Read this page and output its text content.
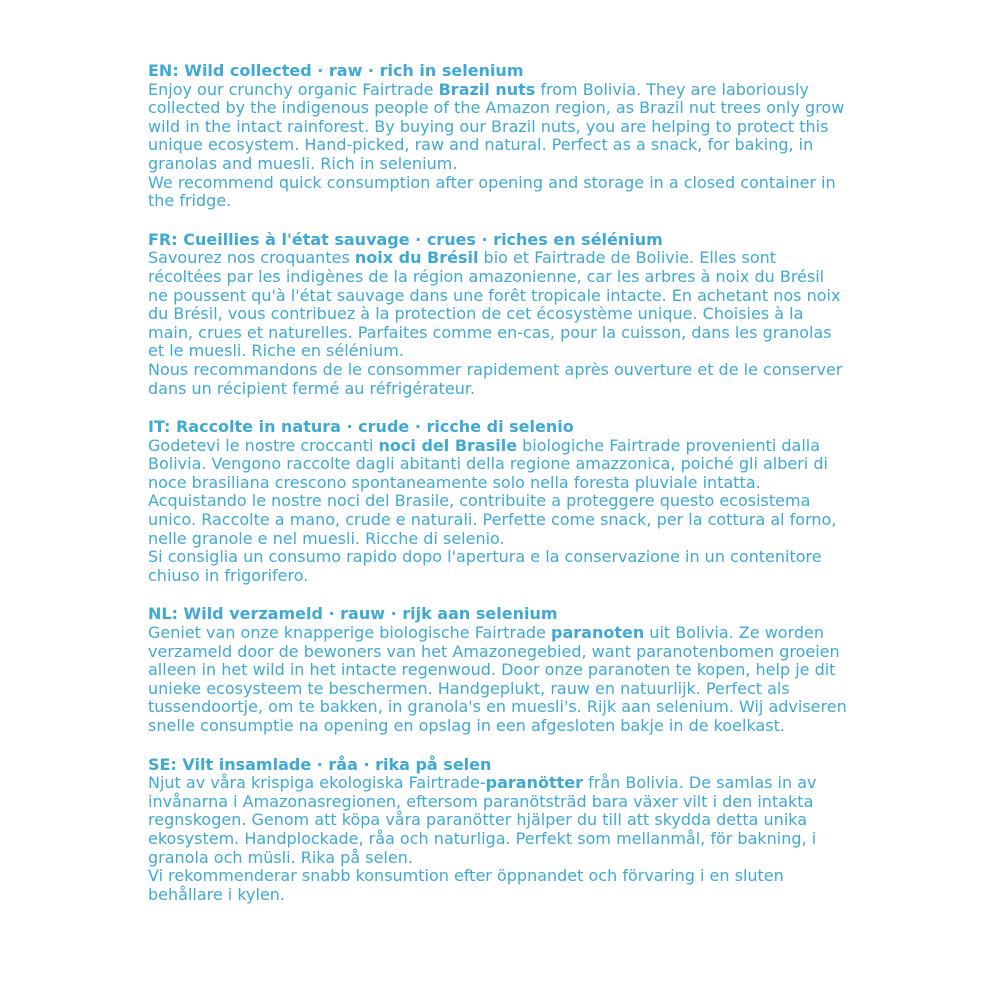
EN: Wild collected · raw · rich in selenium
Enjoy our crunchy organic Fairtrade Brazil nuts from Bolivia. They are laboriously collected by the indigenous people of the Amazon region, as Brazil nut trees only grow wild in the intact rainforest. By buying our Brazil nuts, you are helping to protect this unique ecosystem. Hand-picked, raw and natural. Perfect as a snack, for baking, in granolas and muesli. Rich in selenium.
We recommend quick consumption after opening and storage in a closed container in the fridge.
FR: Cueillies à l'état sauvage · crues · riches en sélénium
Savourez nos croquantes noix du Brésil bio et Fairtrade de Bolivie. Elles sont récoltées par les indigènes de la région amazonienne, car les arbres à noix du Brésil ne poussent qu'à l'état sauvage dans une forêt tropicale intacte. En achetant nos noix du Brésil, vous contribuez à la protection de cet écosystème unique. Choisies à la main, crues et naturelles. Parfaites comme en-cas, pour la cuisson, dans les granolas et le muesli. Riche en sélénium.
Nous recommandons de le consommer rapidement après ouverture et de le conserver dans un récipient fermé au réfrigérateur.
IT: Raccolte in natura · crude · ricche di selenio
Godetevi le nostre croccanti noci del Brasile biologiche Fairtrade provenienti dalla Bolivia. Vengono raccolte dagli abitanti della regione amazzonica, poiché gli alberi di noce brasiliana crescono spontaneamente solo nella foresta pluviale intatta. Acquistando le nostre noci del Brasile, contribuite a proteggere questo ecosistema unico. Raccolte a mano, crude e naturali. Perfette come snack, per la cottura al forno, nelle granole e nel muesli. Ricche di selenio.
Si consiglia un consumo rapido dopo l'apertura e la conservazione in un contenitore chiuso in frigorifero.
NL: Wild verzameld · rauw · rijk aan selenium
Geniet van onze knapperige biologische Fairtrade paranoten uit Bolivia. Ze worden verzameld door de bewoners van het Amazonegebied, want paranotenbomen groeien alleen in het wild in het intacte regenwoud. Door onze paranoten te kopen, help je dit unieke ecosysteem te beschermen. Handgeplukt, rauw en natuurlijk. Perfect als tussendoortje, om te bakken, in granola's en muesli's. Rijk aan selenium. Wij adviseren snelle consumptie na opening en opslag in een afgesloten bakje in de koelkast.
SE: Vilt insamlade · råa · rika på selen
Njut av våra krispiga ekologiska Fairtrade-paranötter från Bolivia. De samlas in av invånarna i Amazonasregionen, eftersom paranötsträd bara växer vilt i den intakta regnskogen. Genom att köpa våra paranötter hjälper du till att skydda detta unika ekosystem. Handplockade, råa och naturliga. Perfekt som mellanmål, för bakning, i granola och müsli. Rika på selen.
Vi rekommenderar snabb konsumtion efter öppnandet och förvaring i en sluten behållare i kylen.
